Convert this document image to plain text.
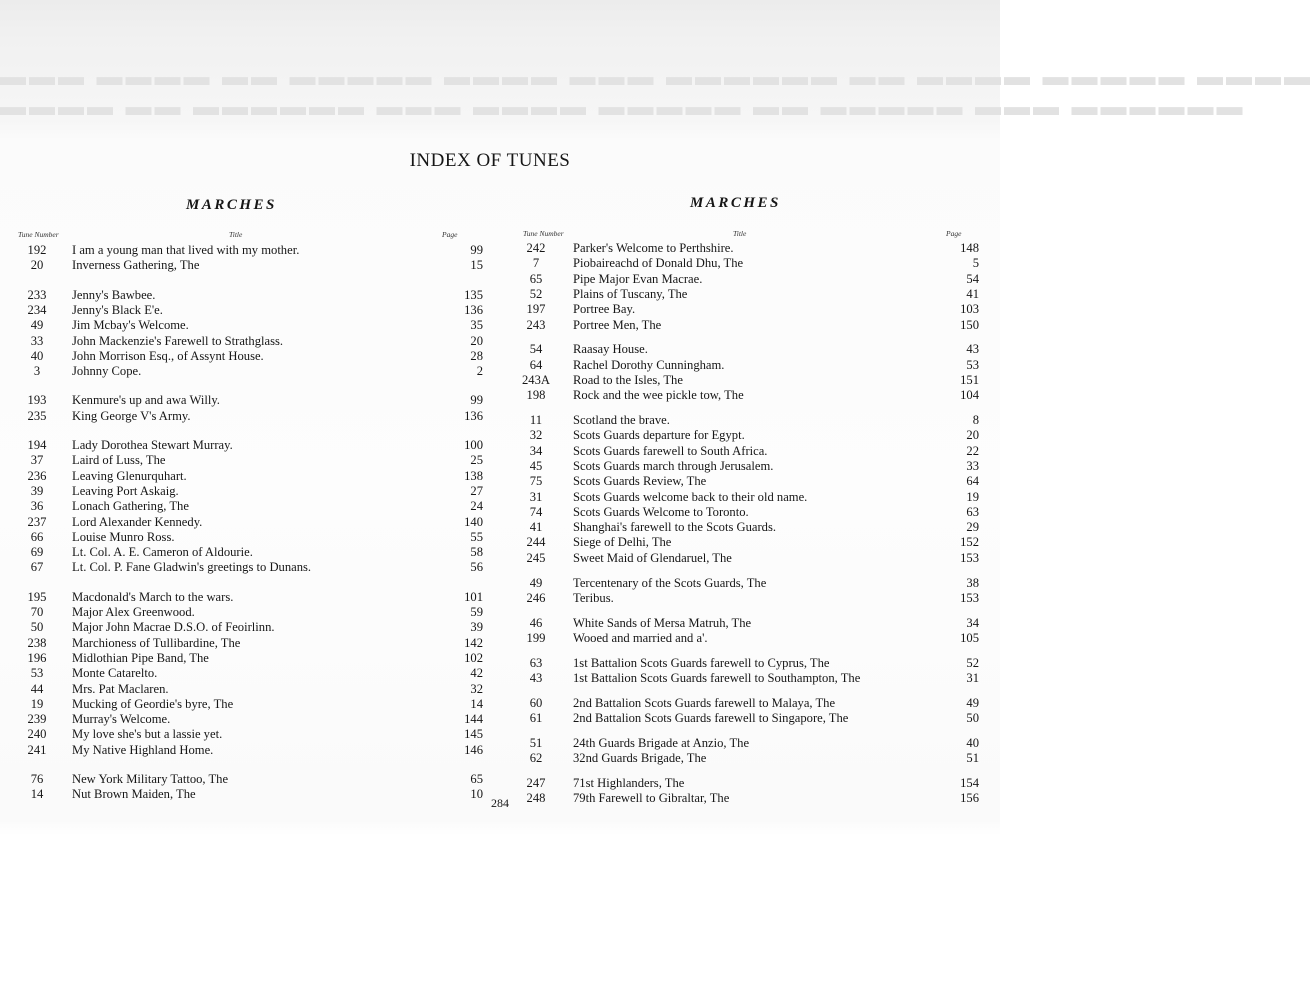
▬▬▬ ▬▬▬▬ ▬▬ ▬▬▬▬▬ ▬▬▬▬ ▬▬▬ ▬▬▬▬▬▬ ▬▬ ▬▬▬▬ ▬▬▬▬▬ ▬▬▬▬
▬▬▬▬ ▬▬ ▬▬▬▬▬▬ ▬▬▬ ▬▬▬▬ ▬▬▬▬▬ ▬▬ ▬▬▬▬▬ ▬▬▬ ▬▬▬▬▬▬
INDEX OF TUNES
MARCHES
Tune Number	Title	Page
192	I am a young man that lived with my mother.	99
20	Inverness Gathering, The	15
233	Jenny's Bawbee.	135
234	Jenny's Black E'e.	136
49	Jim Mcbay's Welcome.	35
33	John Mackenzie's Farewell to Strathglass.	20
40	John Morrison Esq., of Assynt House.	28
3	Johnny Cope.	2
193	Kenmure's up and awa Willy.	99
235	King George V's Army.	136
194	Lady Dorothea Stewart Murray.	100
37	Laird of Luss, The	25
236	Leaving Glenurquhart.	138
39	Leaving Port Askaig.	27
36	Lonach Gathering, The	24
237	Lord Alexander Kennedy.	140
66	Louise Munro Ross.	55
69	Lt. Col. A. E. Cameron of Aldourie.	58
67	Lt. Col. P. Fane Gladwin's greetings to Dunans.	56
195	Macdonald's March to the wars.	101
70	Major Alex Greenwood.	59
50	Major John Macrae D.S.O. of Feoirlinn.	39
238	Marchioness of Tullibardine, The	142
196	Midlothian Pipe Band, The	102
53	Monte Catarelto.	42
44	Mrs. Pat Maclaren.	32
19	Mucking of Geordie's byre, The	14
239	Murray's Welcome.	144
240	My love she's but a lassie yet.	145
241	My Native Highland Home.	146
76	New York Military Tattoo, The	65
14	Nut Brown Maiden, The	10
MARCHES
Tune Number	Title	Page
242	Parker's Welcome to Perthshire.	148
7	Piobaireachd of Donald Dhu, The	5
65	Pipe Major Evan Macrae.	54
52	Plains of Tuscany, The	41
197	Portree Bay.	103
243	Portree Men, The	150
54	Raasay House.	43
64	Rachel Dorothy Cunningham.	53
243A	Road to the Isles, The	151
198	Rock and the wee pickle tow, The	104
11	Scotland the brave.	8
32	Scots Guards departure for Egypt.	20
34	Scots Guards farewell to South Africa.	22
45	Scots Guards march through Jerusalem.	33
75	Scots Guards Review, The	64
31	Scots Guards welcome back to their old name.	19
74	Scots Guards Welcome to Toronto.	63
41	Shanghai's farewell to the Scots Guards.	29
244	Siege of Delhi, The	152
245	Sweet Maid of Glendaruel, The	153
49	Tercentenary of the Scots Guards, The	38
246	Teribus.	153
46	White Sands of Mersa Matruh, The	34
199	Wooed and married and a'.	105
63	1st Battalion Scots Guards farewell to Cyprus, The	52
43	1st Battalion Scots Guards farewell to Southampton, The	31
60	2nd Battalion Scots Guards farewell to Malaya, The	49
61	2nd Battalion Scots Guards farewell to Singapore, The	50
51	24th Guards Brigade at Anzio, The	40
62	32nd Guards Brigade, The	51
247	71st Highlanders, The	154
248	79th Farewell to Gibraltar, The	156
284
